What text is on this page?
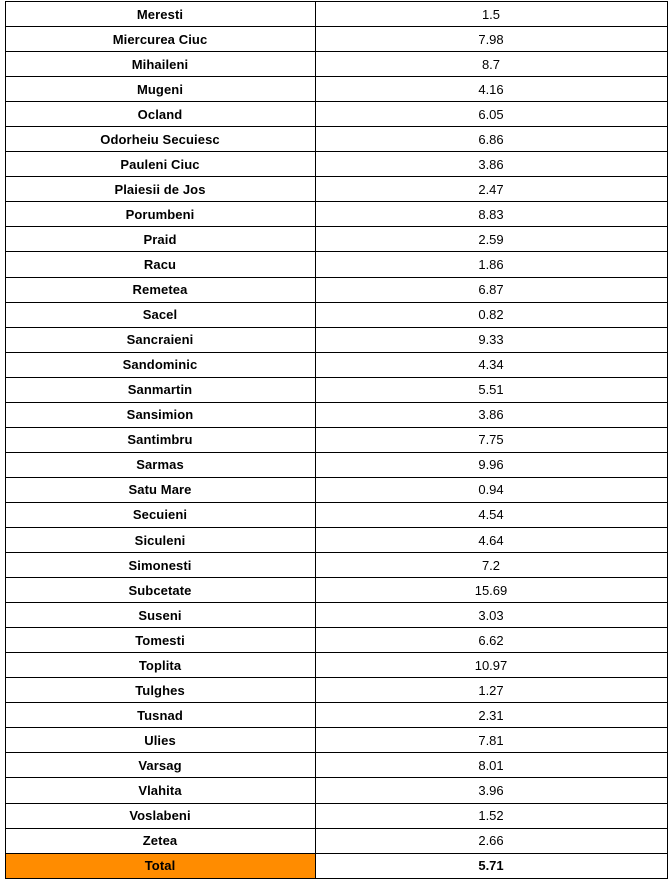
Meresti	1.5
Miercurea Ciuc	7.98
Mihaileni	8.7
Mugeni	4.16
Ocland	6.05
Odorheiu Secuiesc	6.86
Pauleni Ciuc	3.86
Plaiesii de Jos	2.47
Porumbeni	8.83
Praid	2.59
Racu	1.86
Remetea	6.87
Sacel	0.82
Sancraieni	9.33
Sandominic	4.34
Sanmartin	5.51
Sansimion	3.86
Santimbru	7.75
Sarmas	9.96
Satu Mare	0.94
Secuieni	4.54
Siculeni	4.64
Simonesti	7.2
Subcetate	15.69
Suseni	3.03
Tomesti	6.62
Toplita	10.97
Tulghes	1.27
Tusnad	2.31
Ulies	7.81
Varsag	8.01
Vlahita	3.96
Voslabeni	1.52
Zetea	2.66
Total	5.71
